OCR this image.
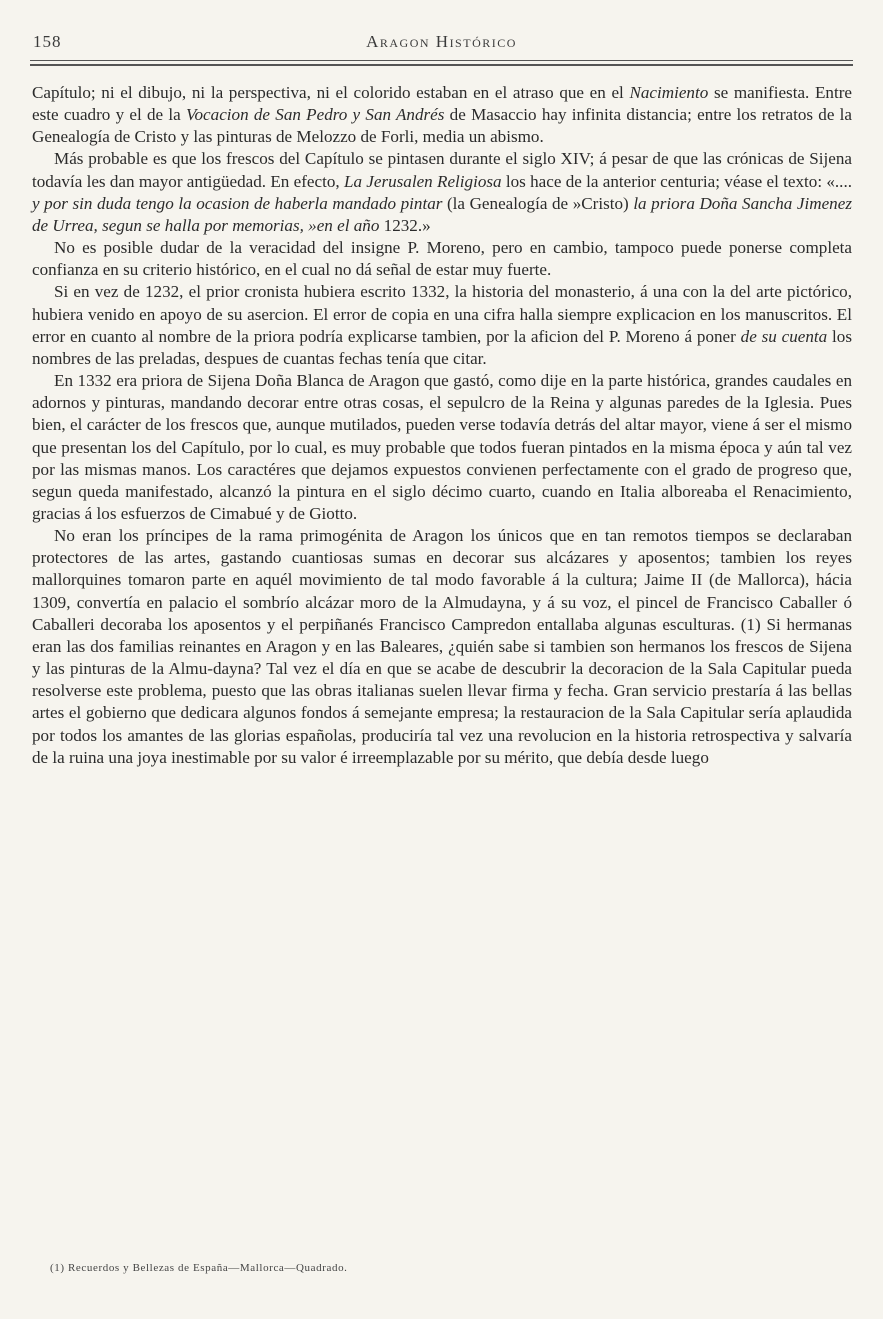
158	Aragon Histórico

Capítulo; ni el dibujo, ni la perspectiva, ni el colorido estaban en el atraso que en el Nacimiento se manifiesta. Entre este cuadro y el de la Vocacion de San Pedro y San Andrés de Masaccio hay infinita distancia; entre los retratos de la Genealogía de Cristo y las pinturas de Melozzo de Forli, media un abismo.

Más probable es que los frescos del Capítulo se pintasen durante el siglo XIV; á pesar de que las crónicas de Sijena todavía les dan mayor antigüedad. En efecto, La Jerusalen Religiosa los hace de la anterior centuria; véase el texto: «.... y por sin duda tengo la ocasion de haberla mandado pintar (la Genealogía de »Cristo) la priora Doña Sancha Jimenez de Urrea, segun se halla por memorias, »en el año 1232.»

No es posible dudar de la veracidad del insigne P. Moreno, pero en cambio, tampoco puede ponerse completa confianza en su criterio histórico, en el cual no dá señal de estar muy fuerte.

Si en vez de 1232, el prior cronista hubiera escrito 1332, la historia del monasterio, á una con la del arte pictórico, hubiera venido en apoyo de su asercion. El error de copia en una cifra halla siempre explicacion en los manuscritos. El error en cuanto al nombre de la priora podría explicarse tambien, por la aficion del P. Moreno á poner de su cuenta los nombres de las preladas, despues de cuantas fechas tenía que citar.

En 1332 era priora de Sijena Doña Blanca de Aragon que gastó, como dije en la parte histórica, grandes caudales en adornos y pinturas, mandando decorar entre otras cosas, el sepulcro de la Reina y algunas paredes de la Iglesia. Pues bien, el carácter de los frescos que, aunque mutilados, pueden verse todavía detrás del altar mayor, viene á ser el mismo que presentan los del Capítulo, por lo cual, es muy probable que todos fueran pintados en la misma época y aún tal vez por las mismas manos. Los caractéres que dejamos expuestos convienen perfectamente con el grado de progreso que, segun queda manifestado, alcanzó la pintura en el siglo décimo cuarto, cuando en Italia alboreaba el Renacimiento, gracias á los esfuerzos de Cimabué y de Giotto.

No eran los príncipes de la rama primogénita de Aragon los únicos que en tan remotos tiempos se declaraban protectores de las artes, gastando cuantiosas sumas en decorar sus alcázares y aposentos; tambien los reyes mallorquines tomaron parte en aquél movimiento de tal modo favorable á la cultura; Jaime II (de Mallorca), hácia 1309, convertía en palacio el sombrío alcázar moro de la Almudayna, y á su voz, el pincel de Francisco Caballer ó Caballeri decoraba los aposentos y el perpiñanés Francisco Campredon entallaba algunas esculturas. (1) Si hermanas eran las dos familias reinantes en Aragon y en las Baleares, ¿quién sabe si tambien son hermanos los frescos de Sijena y las pinturas de la Almu-dayna? Tal vez el día en que se acabe de descubrir la decoracion de la Sala Capitular pueda resolverse este problema, puesto que las obras italianas suelen llevar firma y fecha. Gran servicio prestaría á las bellas artes el gobierno que dedicara algunos fondos á semejante empresa; la restauracion de la Sala Capitular sería aplaudida por todos los amantes de las glorias españolas, produciría tal vez una revolucion en la historia retrospectiva y salvaría de la ruina una joya inestimable por su valor é irreemplazable por su mérito, que debía desde luego

(1) Recuerdos y Bellezas de España—Mallorca—Quadrado.
